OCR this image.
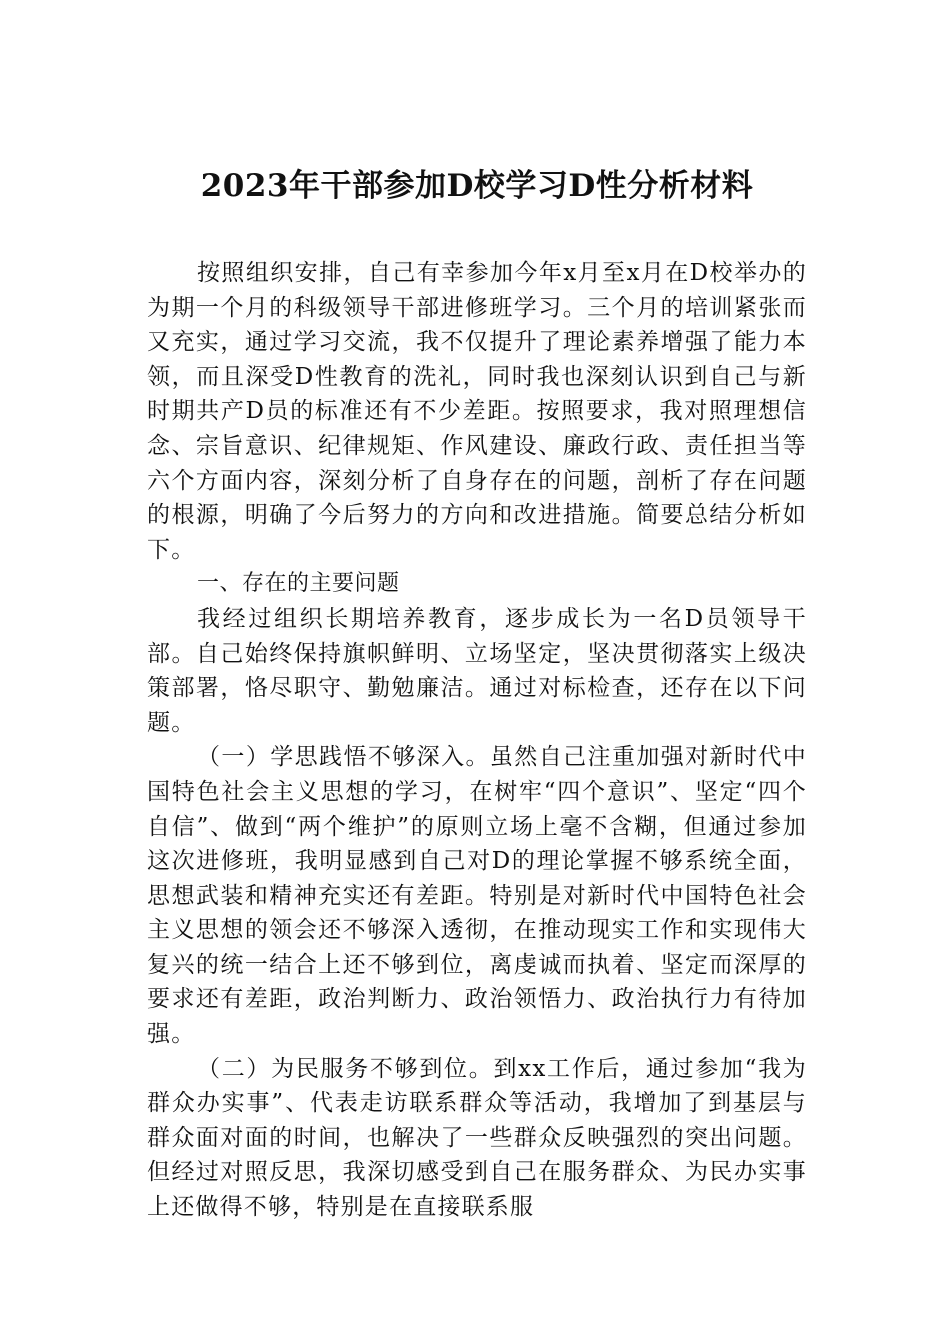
2023年干部参加D校学习D性分析材料

按照组织安排，自己有幸参加今年x月至x月在D校举办的为期一个月的科级领导干部进修班学习。三个月的培训紧张而又充实，通过学习交流，我不仅提升了理论素养增强了能力本领，而且深受D性教育的洗礼，同时我也深刻认识到自己与新时期共产D员的标准还有不少差距。按照要求，我对照理想信念、宗旨意识、纪律规矩、作风建设、廉政行政、责任担当等六个方面内容，深刻分析了自身存在的问题，剖析了存在问题的根源，明确了今后努力的方向和改进措施。简要总结分析如下。

一、存在的主要问题

我经过组织长期培养教育，逐步成长为一名D员领导干部。自己始终保持旗帜鲜明、立场坚定，坚决贯彻落实上级决策部署，恪尽职守、勤勉廉洁。通过对标检查，还存在以下问题。

（一）学思践悟不够深入。虽然自己注重加强对新时代中国特色社会主义思想的学习，在树牢“四个意识”、坚定“四个自信”、做到“两个维护”的原则立场上毫不含糊，但通过参加这次进修班，我明显感到自己对D的理论掌握不够系统全面，思想武装和精神充实还有差距。特别是对新时代中国特色社会主义思想的领会还不够深入透彻，在推动现实工作和实现伟大复兴的统一结合上还不够到位，离虔诚而执着、坚定而深厚的要求还有差距，政治判断力、政治领悟力、政治执行力有待加强。

（二）为民服务不够到位。到xx工作后，通过参加“我为群众办实事”、代表走访联系群众等活动，我增加了到基层与群众面对面的时间，也解决了一些群众反映强烈的突出问题。但经过对照反思，我深切感受到自己在服务群众、为民办实事上还做得不够，特别是在直接联系服
